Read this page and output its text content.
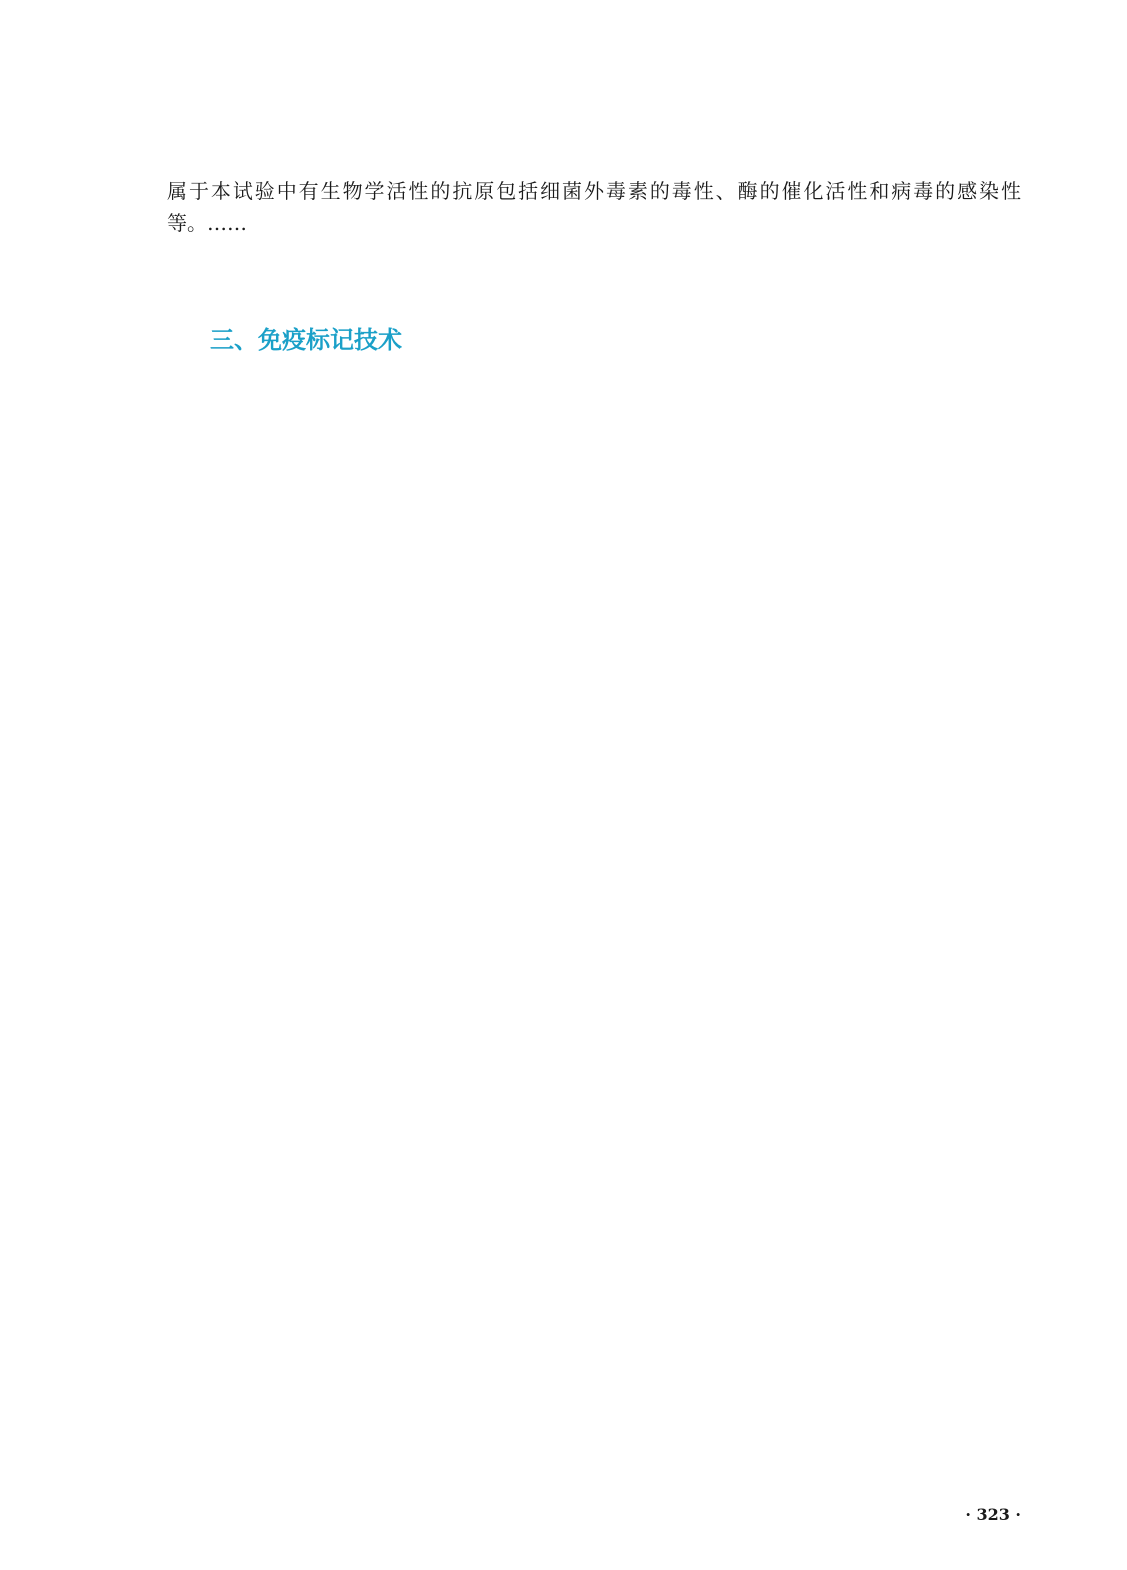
属于本试验中有生物学活性的抗原包括细菌外毒素的毒性、酶的催化活性和病毒的感染性等。……

三、免疫标记技术
· 323 ·
